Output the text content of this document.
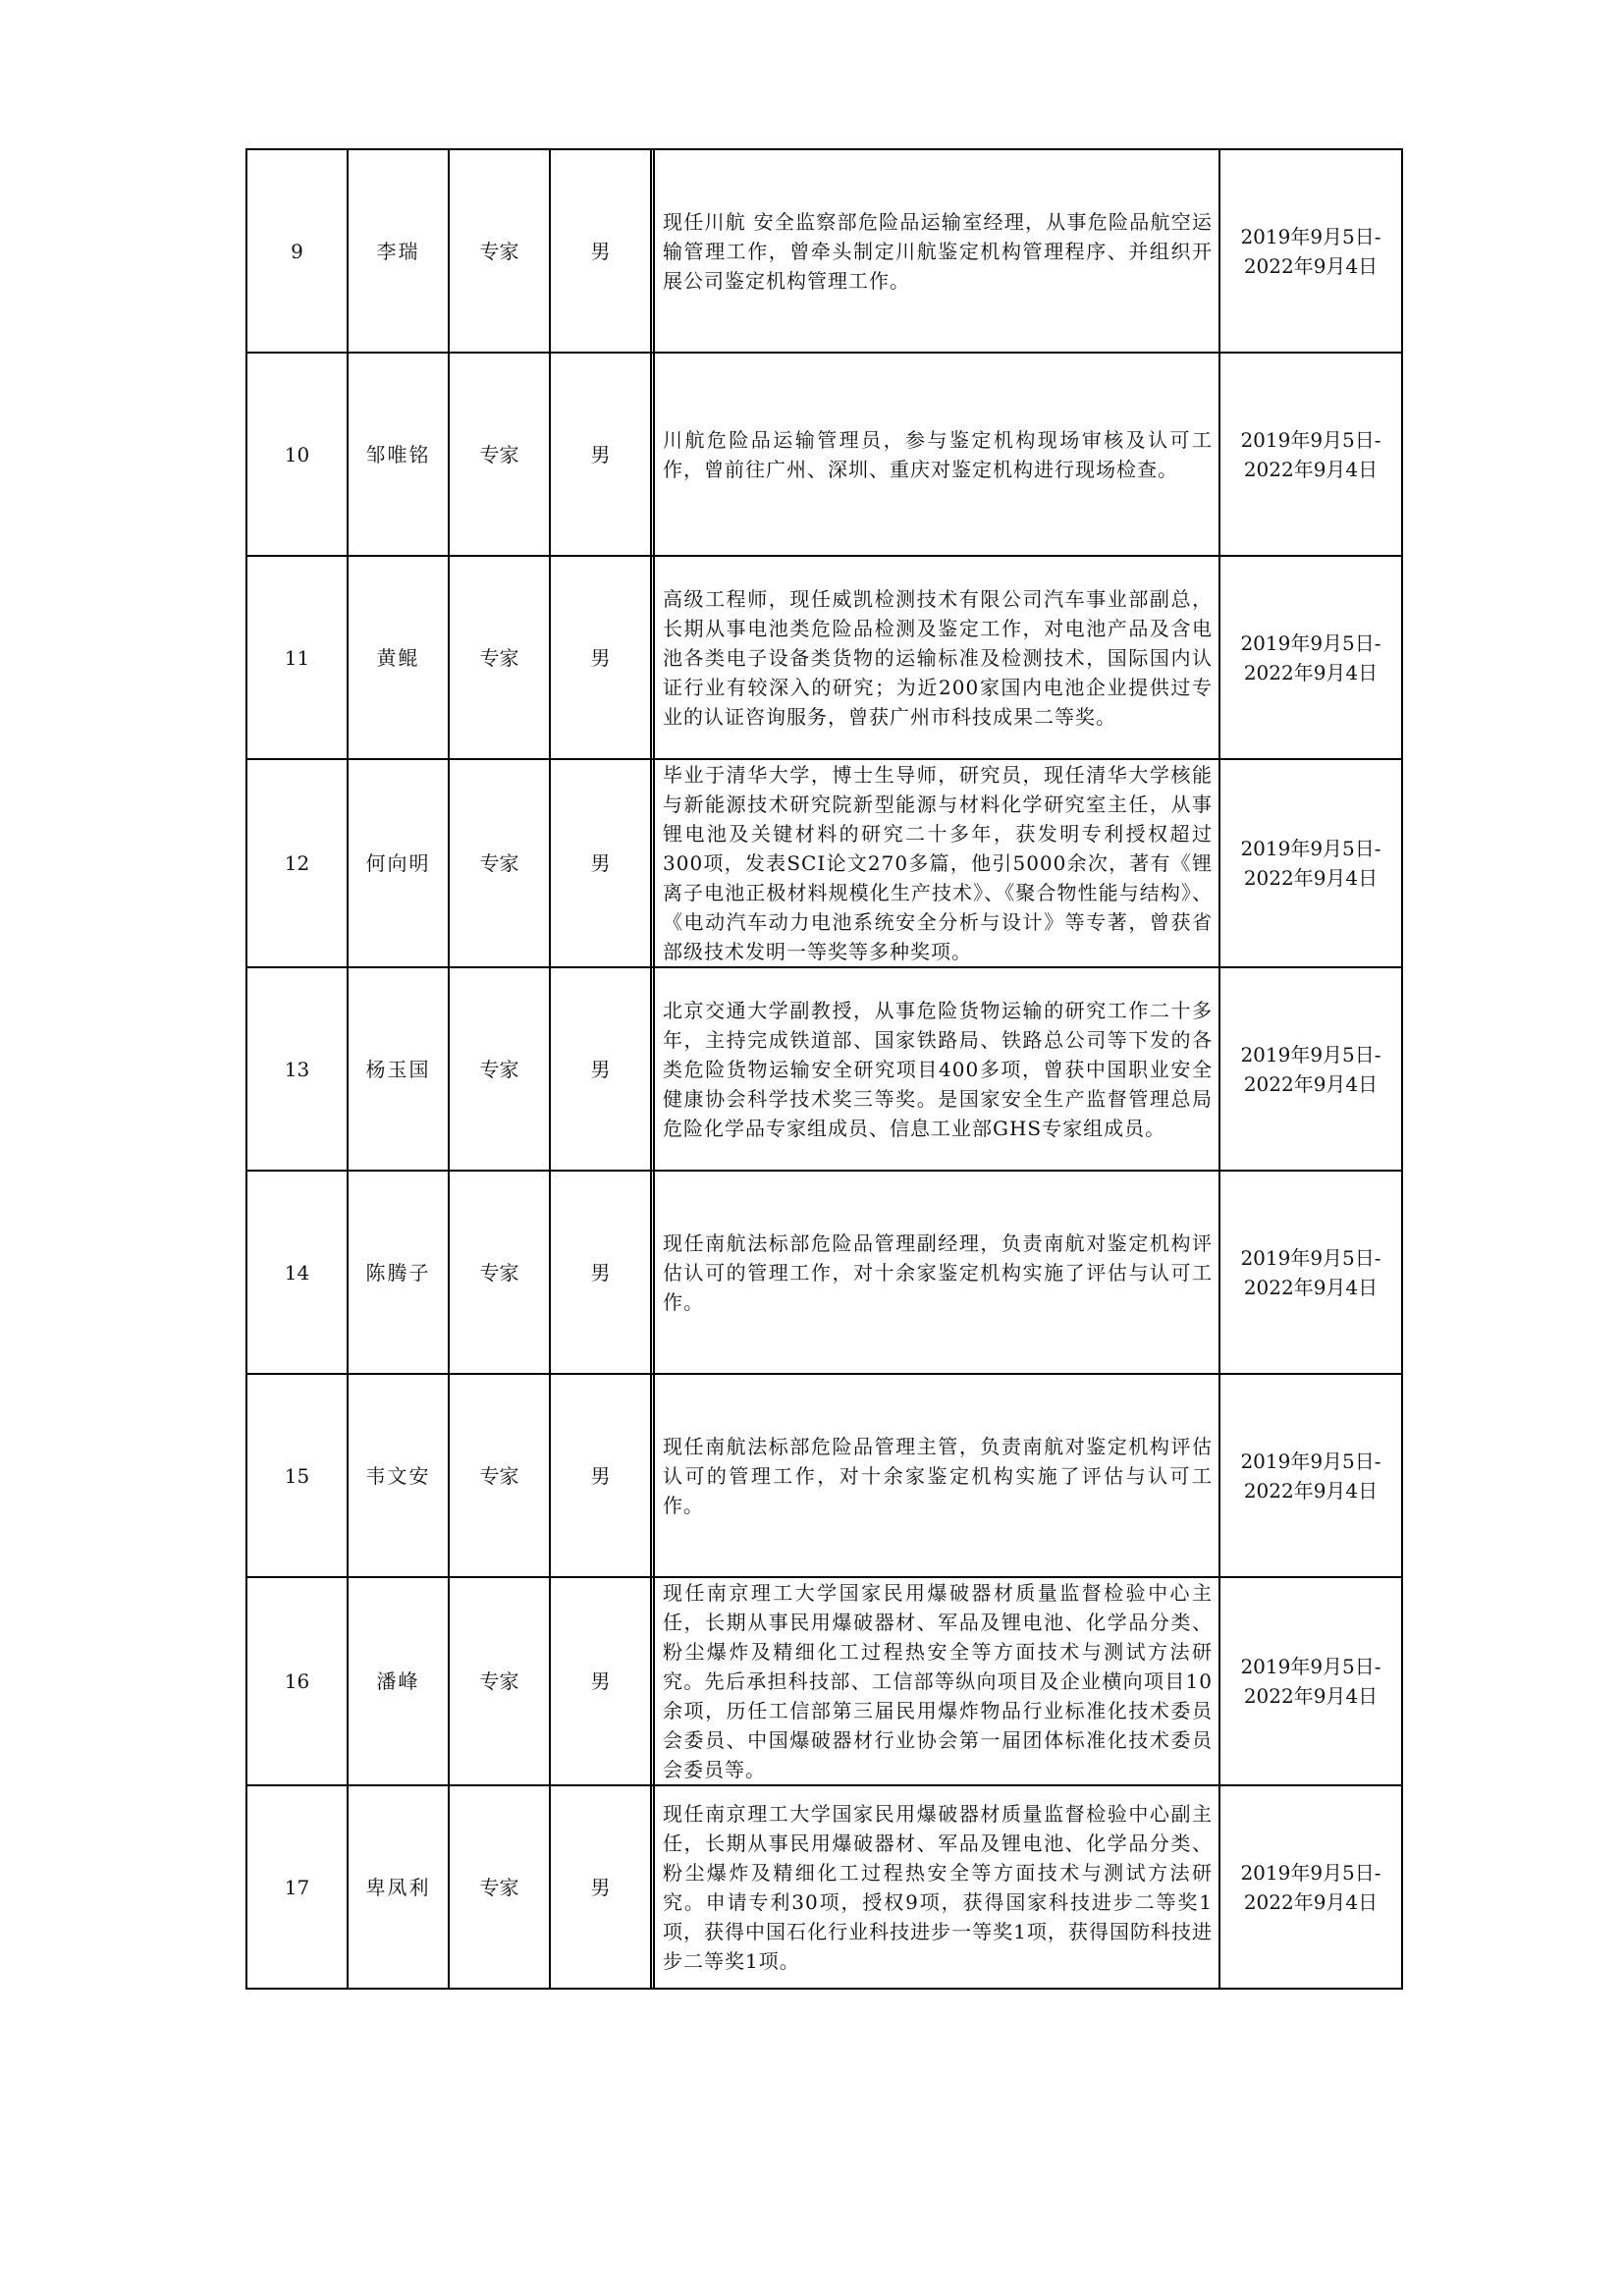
9	李瑞	专家	男		现任川航 安全监察部危险品运输室经理，从事危险品航空运输管理工作，曾牵头制定川航鉴定机构管理程序、并组织开展公司鉴定机构管理工作。	2019年9月5日-
2022年9月4日

10	邹唯铭	专家	男		川航危险品运输管理员，参与鉴定机构现场审核及认可工作，曾前往广州、深圳、重庆对鉴定机构进行现场检查。	2019年9月5日-
2022年9月4日

11	黄鲲	专家	男		高级工程师，现任威凯检测技术有限公司汽车事业部副总，长期从事电池类危险品检测及鉴定工作，对电池产品及含电池各类电子设备类货物的运输标准及检测技术，国际国内认证行业有较深入的研究；为近200家国内电池企业提供过专业的认证咨询服务，曾获广州市科技成果二等奖。	2019年9月5日-
2022年9月4日

12	何向明	专家	男		毕业于清华大学，博士生导师，研究员，现任清华大学核能与新能源技术研究院新型能源与材料化学研究室主任，从事锂电池及关键材料的研究二十多年，获发明专利授权超过300项，发表SCI论文270多篇，他引5000余次，著有《锂离子电池正极材料规模化生产技术》、《聚合物性能与结构》、《电动汽车动力电池系统安全分析与设计》等专著，曾获省部级技术发明一等奖等多种奖项。	2019年9月5日-
2022年9月4日

13	杨玉国	专家	男		北京交通大学副教授，从事危险货物运输的研究工作二十多年，主持完成铁道部、国家铁路局、铁路总公司等下发的各类危险货物运输安全研究项目400多项，曾获中国职业安全健康协会科学技术奖三等奖。是国家安全生产监督管理总局危险化学品专家组成员、信息工业部GHS专家组成员。	2019年9月5日-
2022年9月4日

14	陈腾子	专家	男		现任南航法标部危险品管理副经理，负责南航对鉴定机构评估认可的管理工作，对十余家鉴定机构实施了评估与认可工作。	2019年9月5日-
2022年9月4日

15	韦文安	专家	男		现任南航法标部危险品管理主管，负责南航对鉴定机构评估认可的管理工作，对十余家鉴定机构实施了评估与认可工作。	2019年9月5日-
2022年9月4日

16	潘峰	专家	男		现任南京理工大学国家民用爆破器材质量监督检验中心主任，长期从事民用爆破器材、军品及锂电池、化学品分类、粉尘爆炸及精细化工过程热安全等方面技术与测试方法研究。先后承担科技部、工信部等纵向项目及企业横向项目10余项，历任工信部第三届民用爆炸物品行业标准化技术委员会委员、中国爆破器材行业协会第一届团体标准化技术委员会委员等。	2019年9月5日-
2022年9月4日

17	卑凤利	专家	男		现任南京理工大学国家民用爆破器材质量监督检验中心副主任，长期从事民用爆破器材、军品及锂电池、化学品分类、粉尘爆炸及精细化工过程热安全等方面技术与测试方法研究。申请专利30项，授权9项，获得国家科技进步二等奖1项，获得中国石化行业科技进步一等奖1项，获得国防科技进步二等奖1项。	2019年9月5日-
2022年9月4日
